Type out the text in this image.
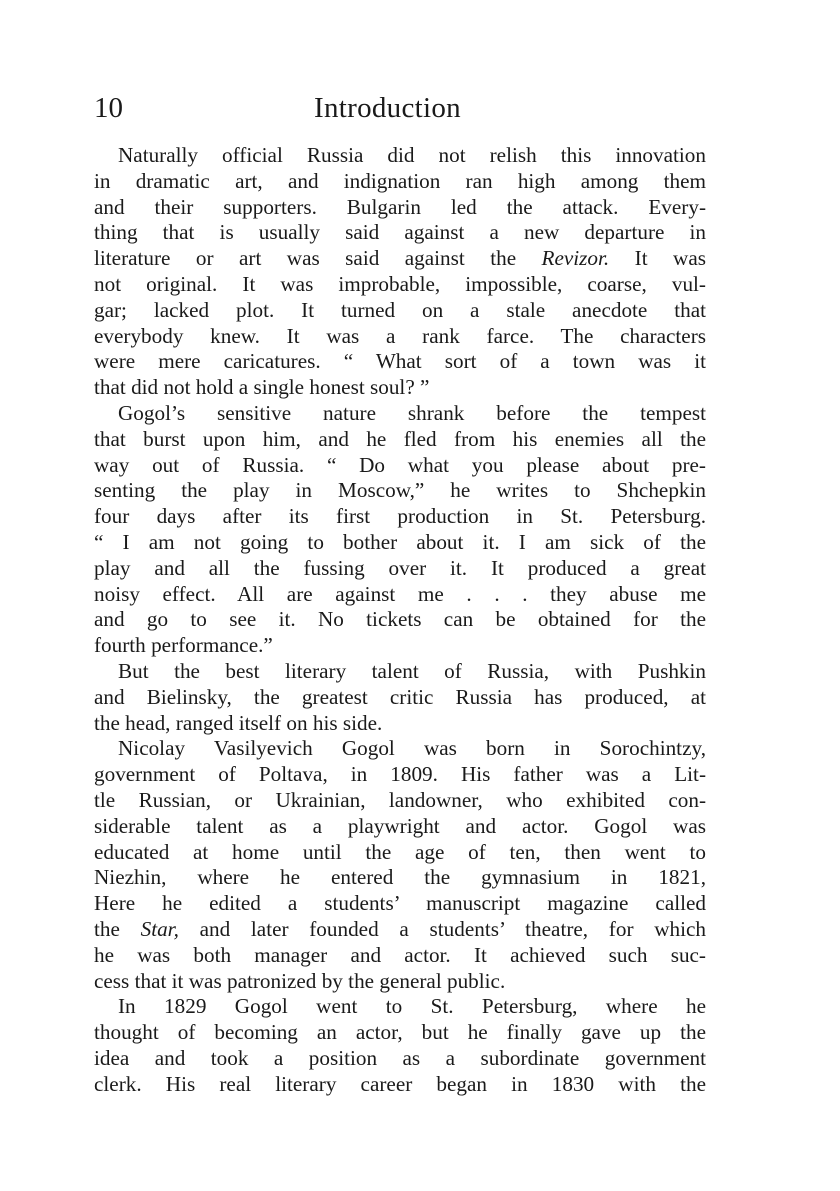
10	Introduction
Naturally official Russia did not relish this innovation
in dramatic art, and indignation ran high among them
and their supporters. Bulgarin led the attack. Every-
thing that is usually said against a new departure in
literature or art was said against the Revizor. It was
not original. It was improbable, impossible, coarse, vul-
gar; lacked plot. It turned on a stale anecdote that
everybody knew. It was a rank farce. The characters
were mere caricatures. “ What sort of a town was it
that did not hold a single honest soul? ”
Gogol’s sensitive nature shrank before the tempest
that burst upon him, and he fled from his enemies all the
way out of Russia. “ Do what you please about pre-
senting the play in Moscow,” he writes to Shchepkin
four days after its first production in St. Petersburg.
“ I am not going to bother about it. I am sick of the
play and all the fussing over it. It produced a great
noisy effect. All are against me . . . they abuse me
and go to see it. No tickets can be obtained for the
fourth performance.”
But the best literary talent of Russia, with Pushkin
and Bielinsky, the greatest critic Russia has produced, at
the head, ranged itself on his side.
Nicolay Vasilyevich Gogol was born in Sorochintzy,
government of Poltava, in 1809. His father was a Lit-
tle Russian, or Ukrainian, landowner, who exhibited con-
siderable talent as a playwright and actor. Gogol was
educated at home until the age of ten, then went to
Niezhin, where he entered the gymnasium in 1821,
Here he edited a students’ manuscript magazine called
the Star, and later founded a students’ theatre, for which
he was both manager and actor. It achieved such suc-
cess that it was patronized by the general public.
In 1829 Gogol went to St. Petersburg, where he
thought of becoming an actor, but he finally gave up the
idea and took a position as a subordinate government
clerk. His real literary career began in 1830 with the
